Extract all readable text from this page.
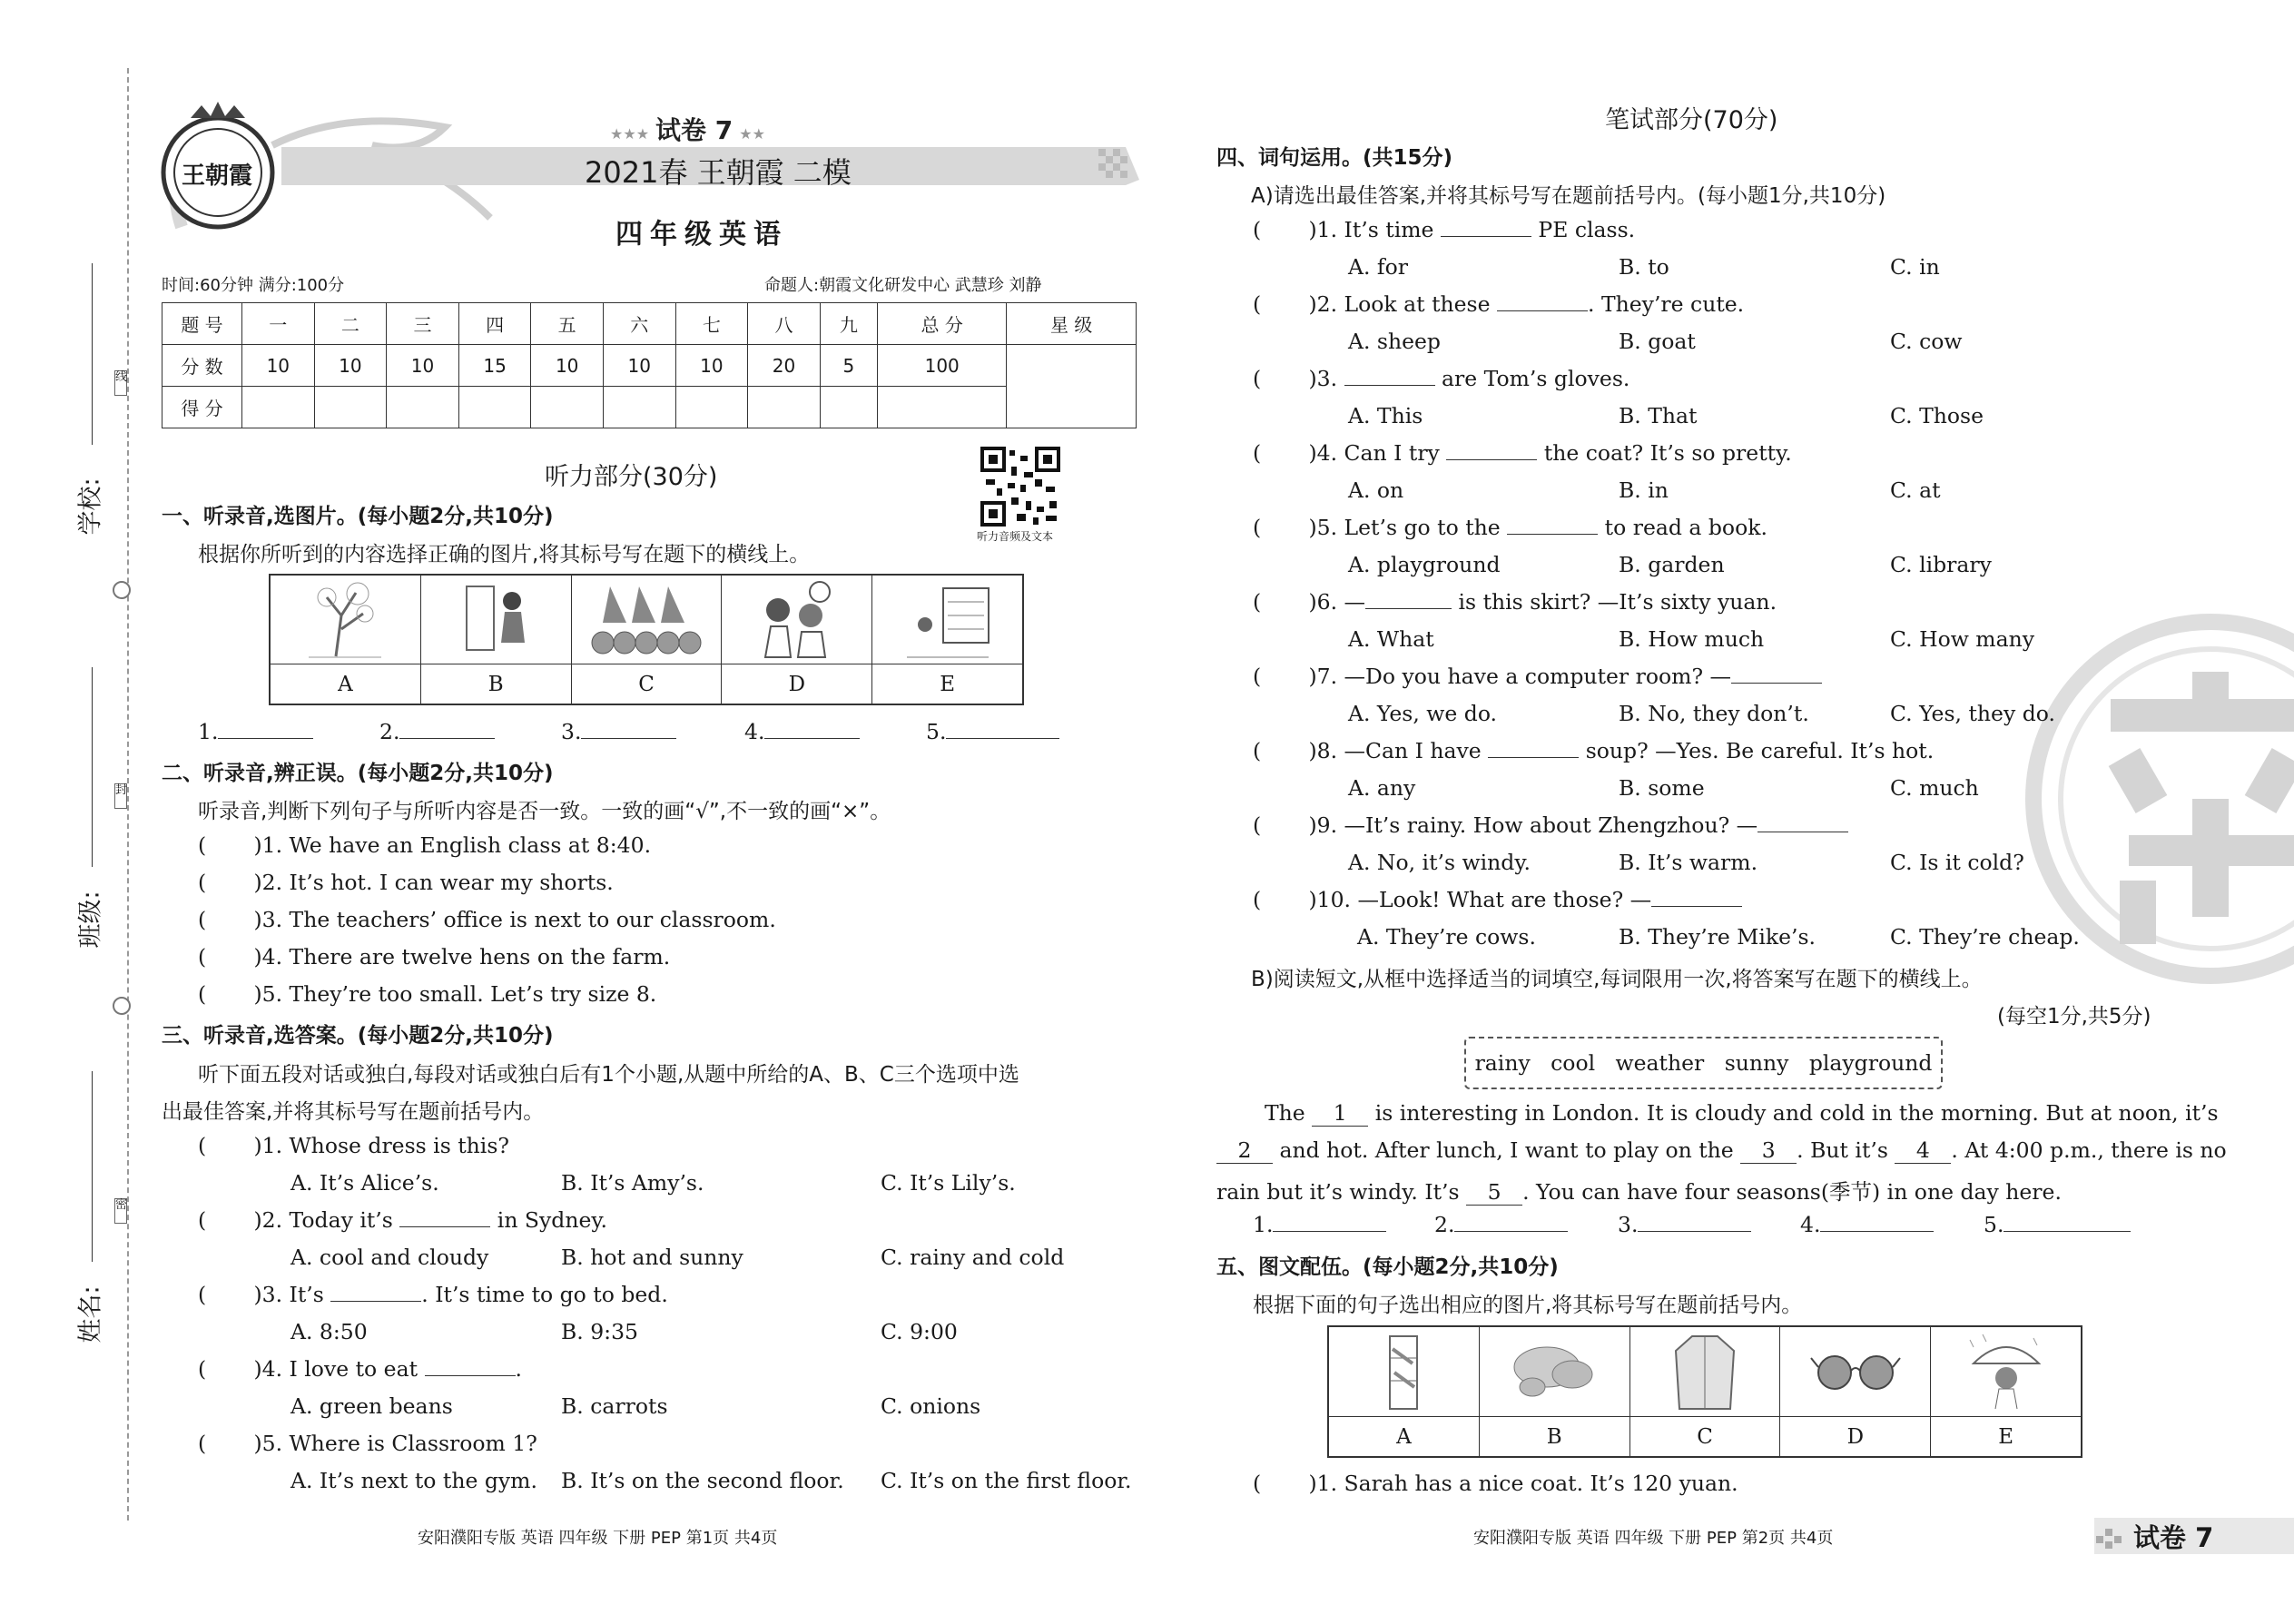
线
封
密
学校:
班级:
姓名:
王朝霞
★★★ 试卷 7 ★★
2021春 王朝霞 二模
四年级英语
时间:60分钟 满分:100分	命题人:朝霞文化研发中心 武慧珍 刘静
题 号	一	二	三	四	五	六	七	八	九	总 分	星 级
分 数	10	10	10	15	10	10	10	20	5	100	
得 分											
听力部分(30分)
听力音频及文本
一、听录音,选图片。(每小题2分,共10分)
根据你所听到的内容选择正确的图片,将其标号写在题下的横线上。
A	B	C	D	E
1.	2.	3.	4.	5.
二、听录音,辨正误。(每小题2分,共10分)
听录音,判断下列句子与所听内容是否一致。一致的画“√”,不一致的画“×”。
(       )1. We have an English class at 8:40.
(       )2. It’s hot. I can wear my shorts.
(       )3. The teachers’ office is next to our classroom.
(       )4. There are twelve hens on the farm.
(       )5. They’re too small. Let’s try size 8.
三、听录音,选答案。(每小题2分,共10分)
听下面五段对话或独白,每段对话或独白后有1个小题,从题中所给的A、B、C三个选项中选
出最佳答案,并将其标号写在题前括号内。
(       )1. Whose dress is this?
A. It’s Alice’s.	B. It’s Amy’s.	C. It’s Lily’s.
(       )2. Today it’s	in Sydney.
A. cool and cloudy	B. hot and sunny	C. rainy and cold
(       )3. It’s	. It’s time to go to bed.
A. 8:50	B. 9:35	C. 9:00
(       )4. I love to eat	.
A. green beans	B. carrots	C. onions
(       )5. Where is Classroom 1?
A. It’s next to the gym. B. It’s on the second floor. C. It’s on the first floor.
安阳濮阳专版 英语 四年级 下册 PEP 第1页 共4页
笔试部分(70分)
四、词句运用。(共15分)
A)请选出最佳答案,并将其标号写在题前括号内。(每小题1分,共10分)
(       )1. It’s time	PE class.
A. for	B. to	C. in
(       )2. Look at these	. They’re cute.
A. sheep	B. goat	C. cow
(       )3.	are Tom’s gloves.
A. This	B. That	C. Those
(       )4. Can I try	the coat? It’s so pretty.
A. on	B. in	C. at
(       )5. Let’s go to the	to read a book.
A. playground	B. garden	C. library
(       )6. —	is this skirt? —It’s sixty yuan.
A. What	B. How much	C. How many
(       )7. —Do you have a computer room? —
A. Yes, we do.	B. No, they don’t.	C. Yes, they do.
(       )8. —Can I have	soup? —Yes. Be careful. It’s hot.
A. any	B. some	C. much
(       )9. —It’s rainy. How about Zhengzhou? —
A. No, it’s windy.	B. It’s warm.	C. Is it cold?
(       )10. —Look! What are those? —
A. They’re cows.	B. They’re Mike’s.	C. They’re cheap.
B)阅读短文,从框中选择适当的词填空,每词限用一次,将答案写在题下的横线上。
(每空1分,共5分)
rainy   cool   weather   sunny   playground
The 1 is interesting in London. It is cloudy and cold in the morning. But at noon, it’s
2 and hot. After lunch, I want to play on the 3 . But it’s 4 . At 4:00 p.m., there is no
rain but it’s windy. It’s 5 . You can have four seasons(季节) in one day here.
1.	2.	3.	4.	5.
五、图文配伍。(每小题2分,共10分)
根据下面的句子选出相应的图片,将其标号写在题前括号内。
A	B	C	D	E
(       )1. Sarah has a nice coat. It’s 120 yuan.
安阳濮阳专版 英语 四年级 下册 PEP 第2页 共4页	试卷 7
